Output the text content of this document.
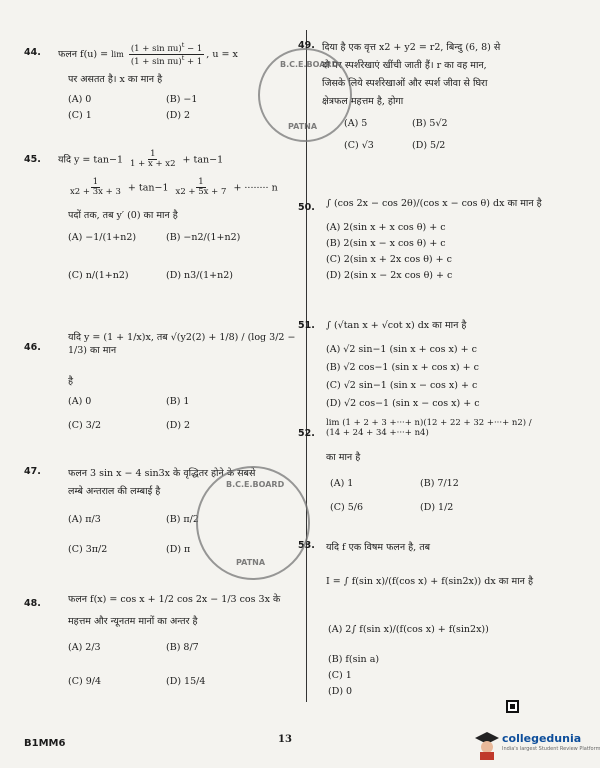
44. फलन $f(u) = \lim \frac{(1 + \sin \pi u)^t - 1}{(1 + \sin \pi u)^t + 1}$ , u = x
पर असतत है। x का मान है
(A) 0	(B) −1
(C) 1	(D) 2
45. यदि $y = \tan-1 \frac{1}{1 + x + x2} + \tan-1$
$\frac{1}{x2 + 3x + 3} + \tan-1 \frac{1}{x2 + 5x + 7}$ + ········ n
पदों तक, तब y′ (0) का मान है
(A) −1/(1+n2)	(B) −n2/(1+n2)
(C) n/(1+n2)	(D) n3/(1+n2)
46.
यदि y = (1 + 1/x)x, तब √(y2(2) + 1/8) / (log 3/2 − 1/3) का मान
है
(A) 0	(B) 1
(C) 3/2	(D) 2
47.	फलन 3 sin x − 4 sin3x के वृद्धितर होने के सबसे
लम्बे अन्तराल की लम्बाई है
(A) π/3	(B) π/2
(C) 3π/2	(D) π
48.	फलन f(x) = cos x + 1/2 cos 2x − 1/3 cos 3x के
महत्तम और न्यूनतम मानों का अन्तर है
(A) 2/3	(B) 8/7
(C) 9/4	(D) 15/4
49. दिया है एक वृत्त x2 + y2 = r2, बिन्दु (6, 8) से
दो पर स्पर्शरेखाएं खींची जाती हैं। r का वह मान,
जिसके लिये स्पर्शरेखाओं और स्पर्श जीवा से घिरा
क्षेत्रफल महत्तम है, होगा
(A) 5	(B) 5√2
(C) √3	(D) 5/2
50. ∫ (cos 2x − cos 2θ)/(cos x − cos θ) dx का मान है
(A) 2(sin x + x cos θ) + c
(B) 2(sin x − x cos θ) + c
(C) 2(sin x + 2x cos θ) + c
(D) 2(sin x − 2x cos θ) + c
51. ∫ (√tan x + √cot x) dx का मान है
(A) √2 sin−1 (sin x + cos x) + c
(B) √2 cos−1 (sin x + cos x) + c
(C) √2 sin−1 (sin x − cos x) + c
(D) √2 cos−1 (sin x − cos x) + c
52.
lim (1 + 2 + 3 +···+ n)(12 + 22 + 32 +···+ n2) / (14 + 24 + 34 +···+ n4)
का मान है
(A) 1	(B) 7/12
(C) 5/6	(D) 1/2
53. यदि f एक विषम फलन है, तब
I = ∫ f(sin x)/(f(cos x) + f(sin2x)) dx का मान है
(A) 2∫ f(sin x)/(f(cos x) + f(sin2x))
(B) f(sin a)
(C) 1
(D) 0
B.C.E.BOARD
PATNA
B.C.E.BOARD
PATNA
B1MM6	13	collegedunia
India's largest Student Review Platform
